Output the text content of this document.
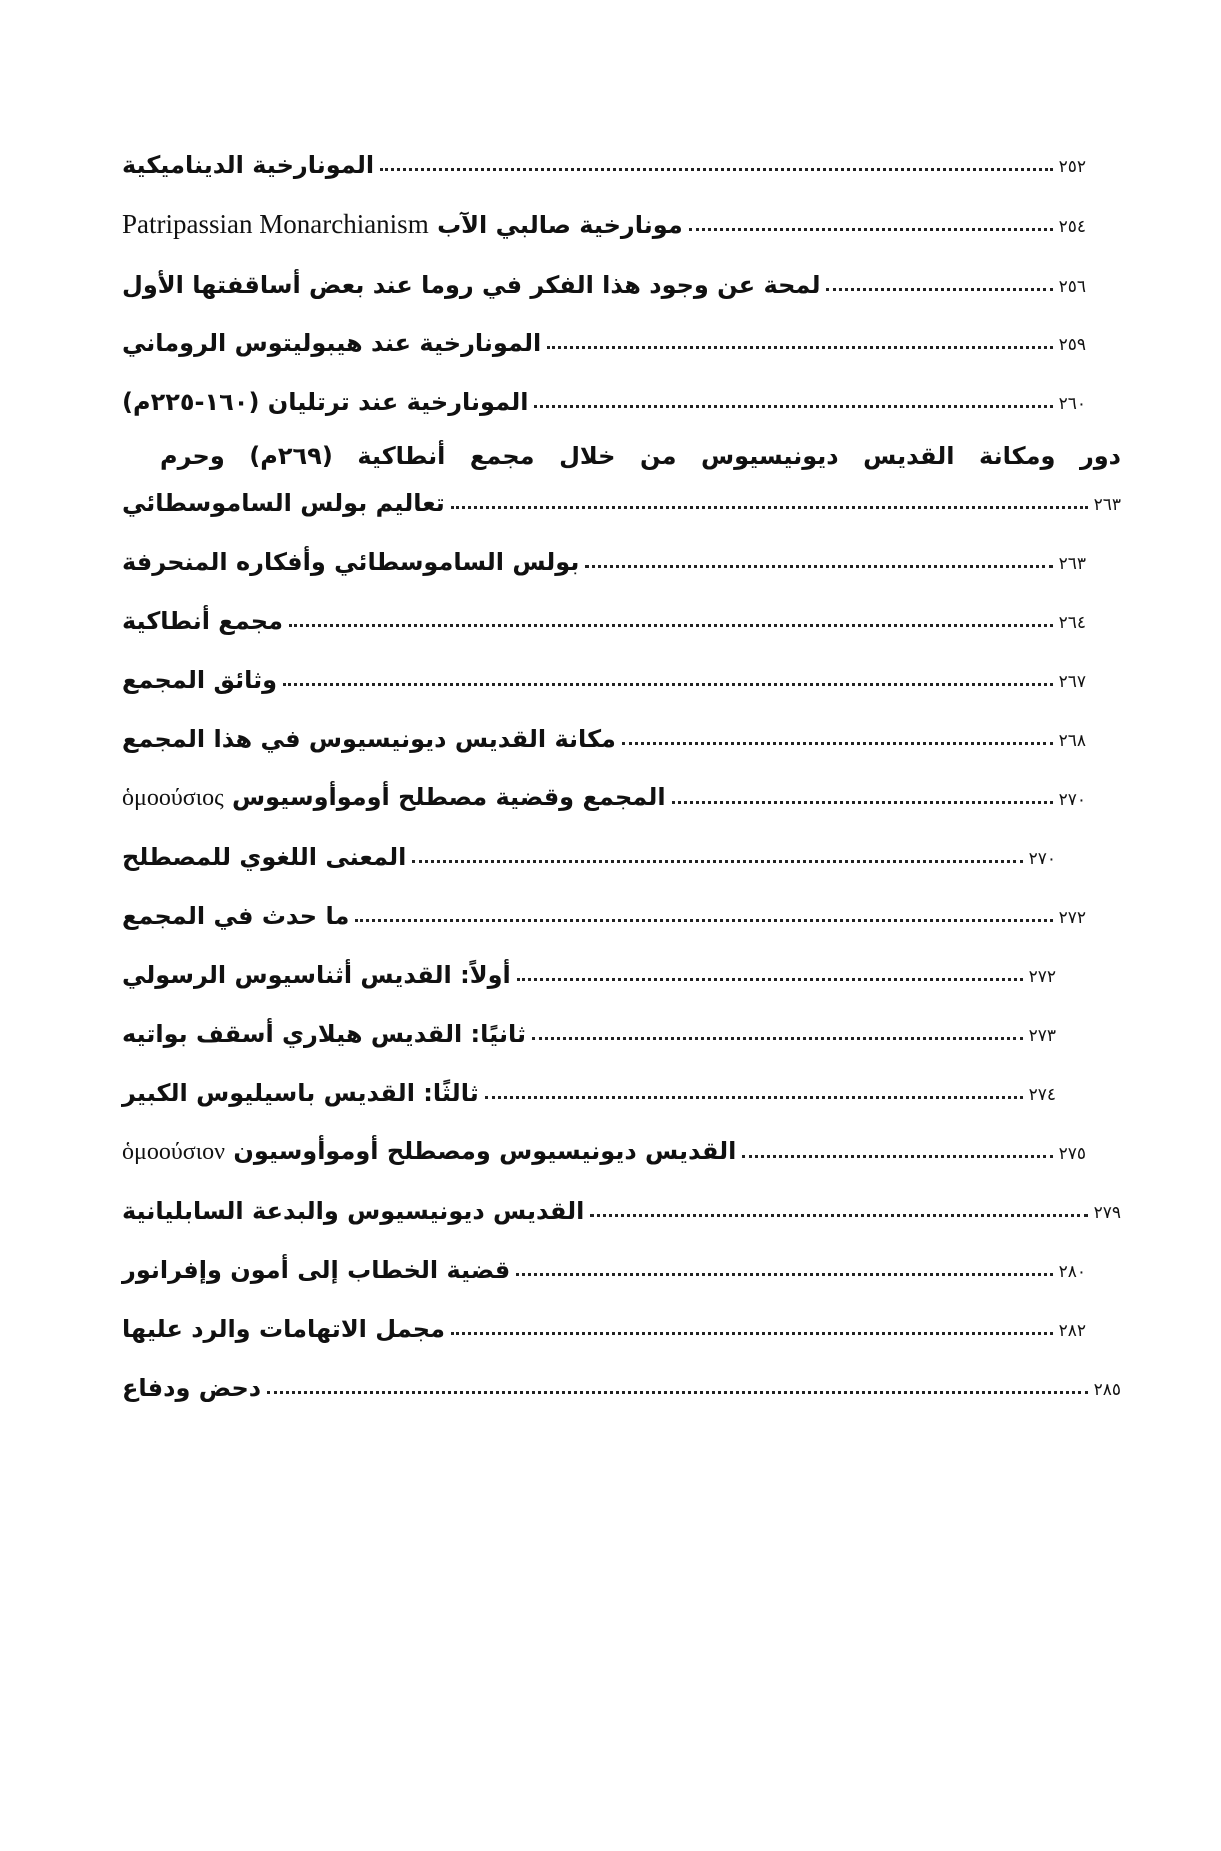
المونارخية الديناميكية	٢٥٢
مونارخية صالبي الآب Patripassian Monarchianism	٢٥٤
لمحة عن وجود هذا الفكر في روما عند بعض أساقفتها الأول	٢٥٦
المونارخية عند هيبوليتوس الروماني	٢٥٩
المونارخية عند ترتليان (١٦٠-٢٢٥م)	٢٦٠
دور ومكانة القديس ديونيسيوس من خلال مجمع أنطاكية (٢٦٩م) وحرم
تعاليم بولس الساموسطائي	٢٦٣
بولس الساموسطائي وأفكاره المنحرفة	٢٦٣
مجمع أنطاكية	٢٦٤
وثائق المجمع	٢٦٧
مكانة القديس ديونيسيوس في هذا المجمع	٢٦٨
المجمع وقضية مصطلح أوموأوسيوس ὁμοούσιος	٢٧٠
المعنى اللغوي للمصطلح	٢٧٠
ما حدث في المجمع	٢٧٢
أولاً: القديس أثناسيوس الرسولي	٢٧٢
ثانيًا: القديس هيلاري أسقف بواتيه	٢٧٣
ثالثًا: القديس باسيليوس الكبير	٢٧٤
القديس ديونيسيوس ومصطلح أوموأوسيون ὁμοούσιον	٢٧٥
القديس ديونيسيوس والبدعة السابليانية	٢٧٩
قضية الخطاب إلى أمون وإفرانور	٢٨٠
مجمل الاتهامات والرد عليها	٢٨٢
دحض ودفاع	٢٨٥
